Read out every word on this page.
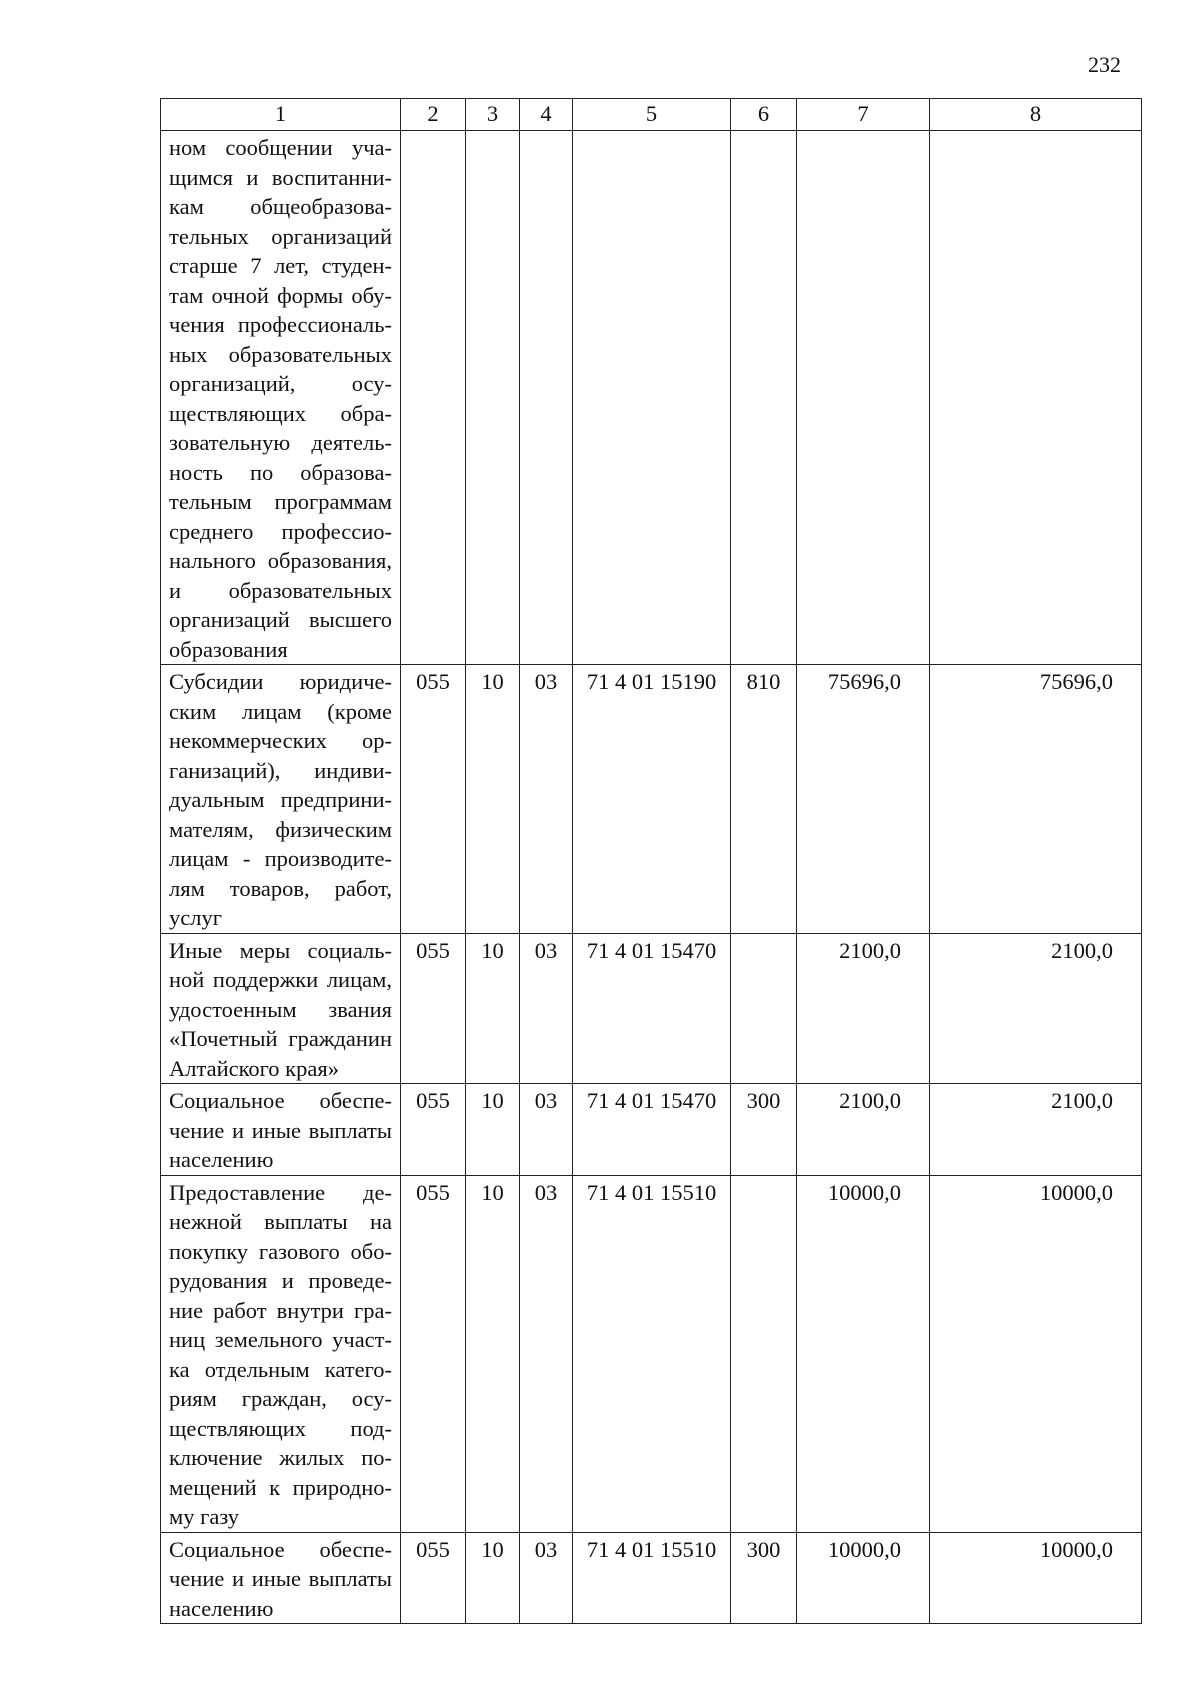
232
1	2	3	4	5	6	7	8
ном сообщении учащимся и воспитанникам общеобразовательных организаций старше 7 лет, студентам очной формы обучения профессиональных образовательных организаций, осуществляющих образовательную деятельность по образовательным программам среднего профессионального образования, и образовательных организаций высшего образования							
Субсидии юридическим лицам (кроме некоммерческих организаций), индивидуальным предпринимателям, физическим лицам - производителям товаров, работ, услуг	055	10	03	71 4 01 15190	810	75696,0	75696,0
Иные меры социальной поддержки лицам, удостоенным звания «Почетный гражданин Алтайского края»	055	10	03	71 4 01 15470		2100,0	2100,0
Социальное обеспечение и иные выплаты населению	055	10	03	71 4 01 15470	300	2100,0	2100,0
Предоставление денежной выплаты на покупку газового оборудования и проведение работ внутри границ земельного участка отдельным категориям граждан, осуществляющих подключение жилых помещений к природному газу	055	10	03	71 4 01 15510		10000,0	10000,0
Социальное обеспечение и иные выплаты населению	055	10	03	71 4 01 15510	300	10000,0	10000,0
